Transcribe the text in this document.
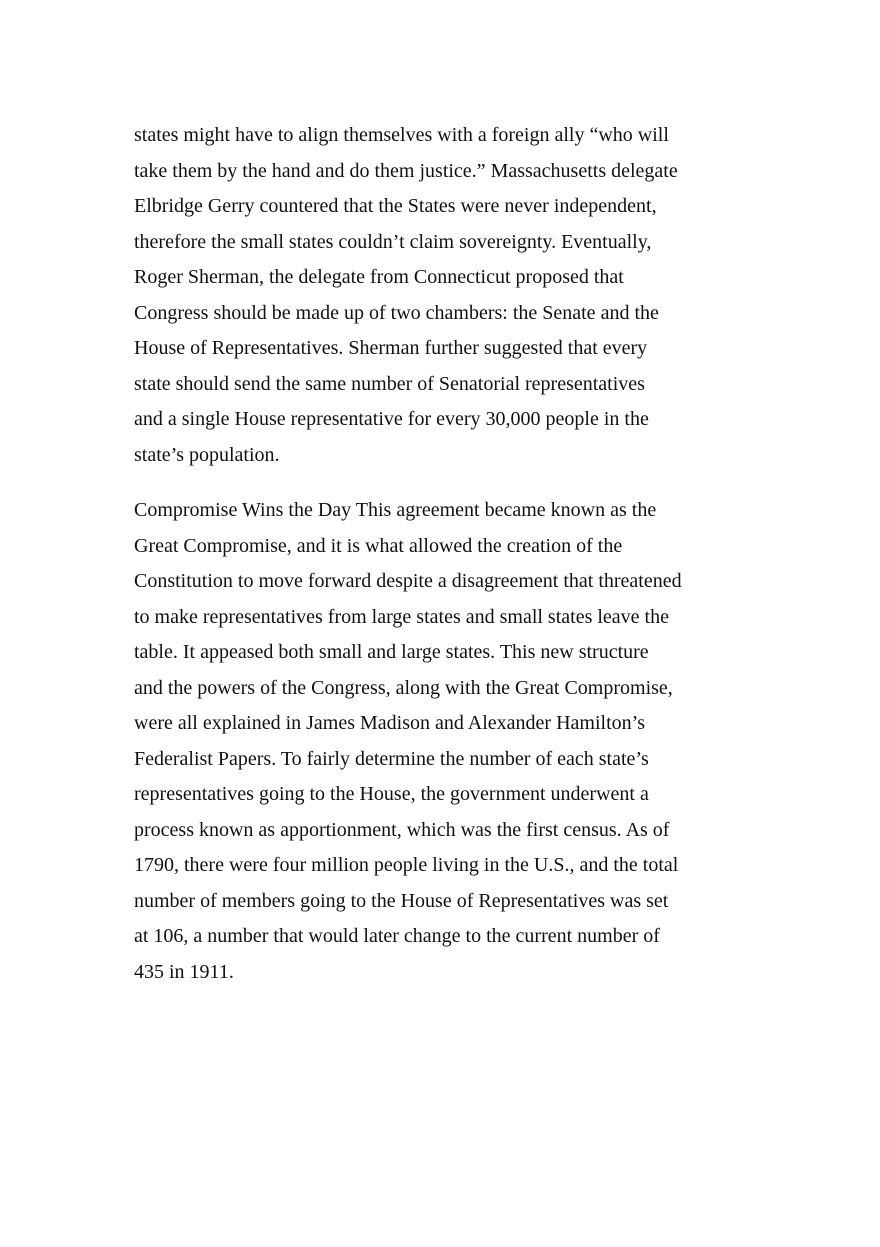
states might have to align themselves with a foreign ally “who will
take them by the hand and do them justice.” Massachusetts delegate
Elbridge Gerry countered that the States were never independent,
therefore the small states couldn’t claim sovereignty. Eventually,
Roger Sherman, the delegate from Connecticut proposed that
Congress should be made up of two chambers: the Senate and the
House of Representatives. Sherman further suggested that every
state should send the same number of Senatorial representatives
and a single House representative for every 30,000 people in the
state’s population.

Compromise Wins the Day This agreement became known as the
Great Compromise, and it is what allowed the creation of the
Constitution to move forward despite a disagreement that threatened
to make representatives from large states and small states leave the
table. It appeased both small and large states. This new structure
and the powers of the Congress, along with the Great Compromise,
were all explained in James Madison and Alexander Hamilton’s
Federalist Papers. To fairly determine the number of each state’s
representatives going to the House, the government underwent a
process known as apportionment, which was the first census. As of
1790, there were four million people living in the U.S., and the total
number of members going to the House of Representatives was set
at 106, a number that would later change to the current number of
435 in 1911.
